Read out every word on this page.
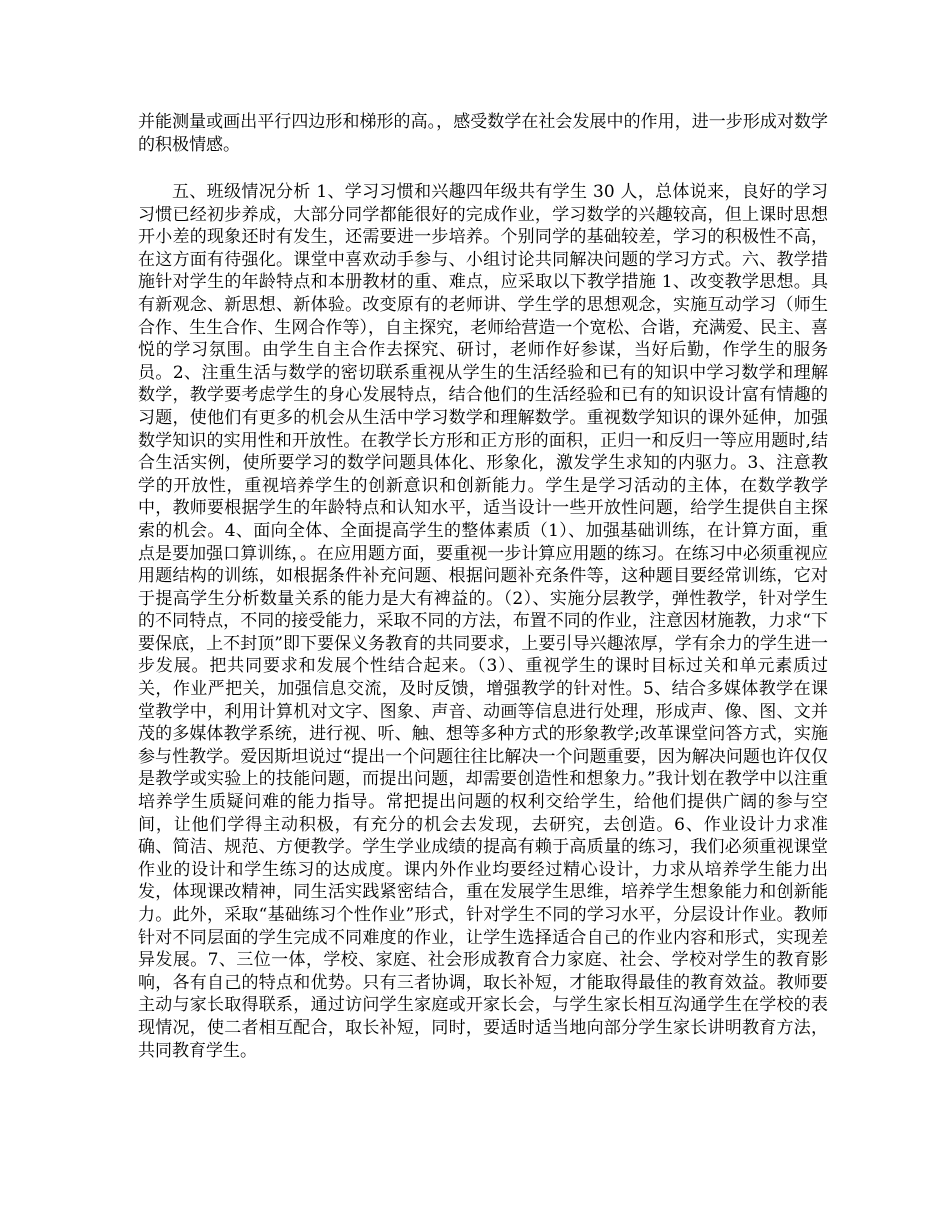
并能测量或画出平行四边形和梯形的高。，感受数学在社会发展中的作用，进一步形成对数学的积极情感。

五、班级情况分析 1、学习习惯和兴趣四年级共有学生 30 人，总体说来，良好的学习习惯已经初步养成，大部分同学都能很好的完成作业，学习数学的兴趣较高，但上课时思想开小差的现象还时有发生，还需要进一步培养。个别同学的基础较差，学习的积极性不高，在这方面有待强化。课堂中喜欢动手参与、小组讨论共同解决问题的学习方式。六、教学措施针对学生的年龄特点和本册教材的重、难点，应采取以下教学措施 1、改变教学思想。具有新观念、新思想、新体验。改变原有的老师讲、学生学的思想观念，实施互动学习（师生合作、生生合作、生网合作等），自主探究，老师给营造一个宽松、合谐，充满爱、民主、喜悦的学习氛围。由学生自主合作去探究、研讨，老师作好参谋，当好后勤，作学生的服务员。2、注重生活与数学的密切联系重视从学生的生活经验和已有的知识中学习数学和理解数学，教学要考虑学生的身心发展特点，结合他们的生活经验和已有的知识设计富有情趣的习题，使他们有更多的机会从生活中学习数学和理解数学。重视数学知识的课外延伸，加强数学知识的实用性和开放性。在教学长方形和正方形的面积，正归一和反归一等应用题时,结合生活实例，使所要学习的数学问题具体化、形象化，激发学生求知的内驱力。3、注意教学的开放性，重视培养学生的创新意识和创新能力。学生是学习活动的主体，在数学教学中，教师要根据学生的年龄特点和认知水平，适当设计一些开放性问题，给学生提供自主探索的机会。4、面向全体、全面提高学生的整体素质（1）、加强基础训练，在计算方面，重点是要加强口算训练，。在应用题方面，要重视一步计算应用题的练习。在练习中必须重视应用题结构的训练，如根据条件补充问题、根据问题补充条件等，这种题目要经常训练，它对于提高学生分析数量关系的能力是大有裨益的。（2）、实施分层教学，弹性教学，针对学生的不同特点，不同的接受能力，采取不同的方法，布置不同的作业，注意因材施教，力求“下要保底，上不封顶”即下要保义务教育的共同要求，上要引导兴趣浓厚，学有余力的学生进一步发展。把共同要求和发展个性结合起来。（3）、重视学生的课时目标过关和单元素质过关，作业严把关，加强信息交流，及时反馈，增强教学的针对性。5、结合多媒体教学在课堂教学中，利用计算机对文字、图象、声音、动画等信息进行处理，形成声、像、图、文并茂的多媒体教学系统，进行视、听、触、想等多种方式的形象教学;改革课堂问答方式，实施参与性教学。爱因斯坦说过“提出一个问题往往比解决一个问题重要，因为解决问题也许仅仅是教学或实验上的技能问题，而提出问题，却需要创造性和想象力。”我计划在教学中以注重培养学生质疑问难的能力指导。常把提出问题的权利交给学生，给他们提供广阔的参与空间，让他们学得主动积极，有充分的机会去发现，去研究，去创造。6、作业设计力求准确、简洁、规范、方便教学。学生学业成绩的提高有赖于高质量的练习，我们必须重视课堂作业的设计和学生练习的达成度。课内外作业均要经过精心设计，力求从培养学生能力出发，体现课改精神，同生活实践紧密结合，重在发展学生思维，培养学生想象能力和创新能力。此外，采取“基础练习个性作业”形式，针对学生不同的学习水平，分层设计作业。教师针对不同层面的学生完成不同难度的作业，让学生选择适合自己的作业内容和形式，实现差异发展。7、三位一体，学校、家庭、社会形成教育合力家庭、社会、学校对学生的教育影响，各有自己的特点和优势。只有三者协调，取长补短，才能取得最佳的教育效益。教师要主动与家长取得联系，通过访问学生家庭或开家长会，与学生家长相互沟通学生在学校的表现情况，使二者相互配合，取长补短，同时，要适时适当地向部分学生家长讲明教育方法，共同教育学生。
